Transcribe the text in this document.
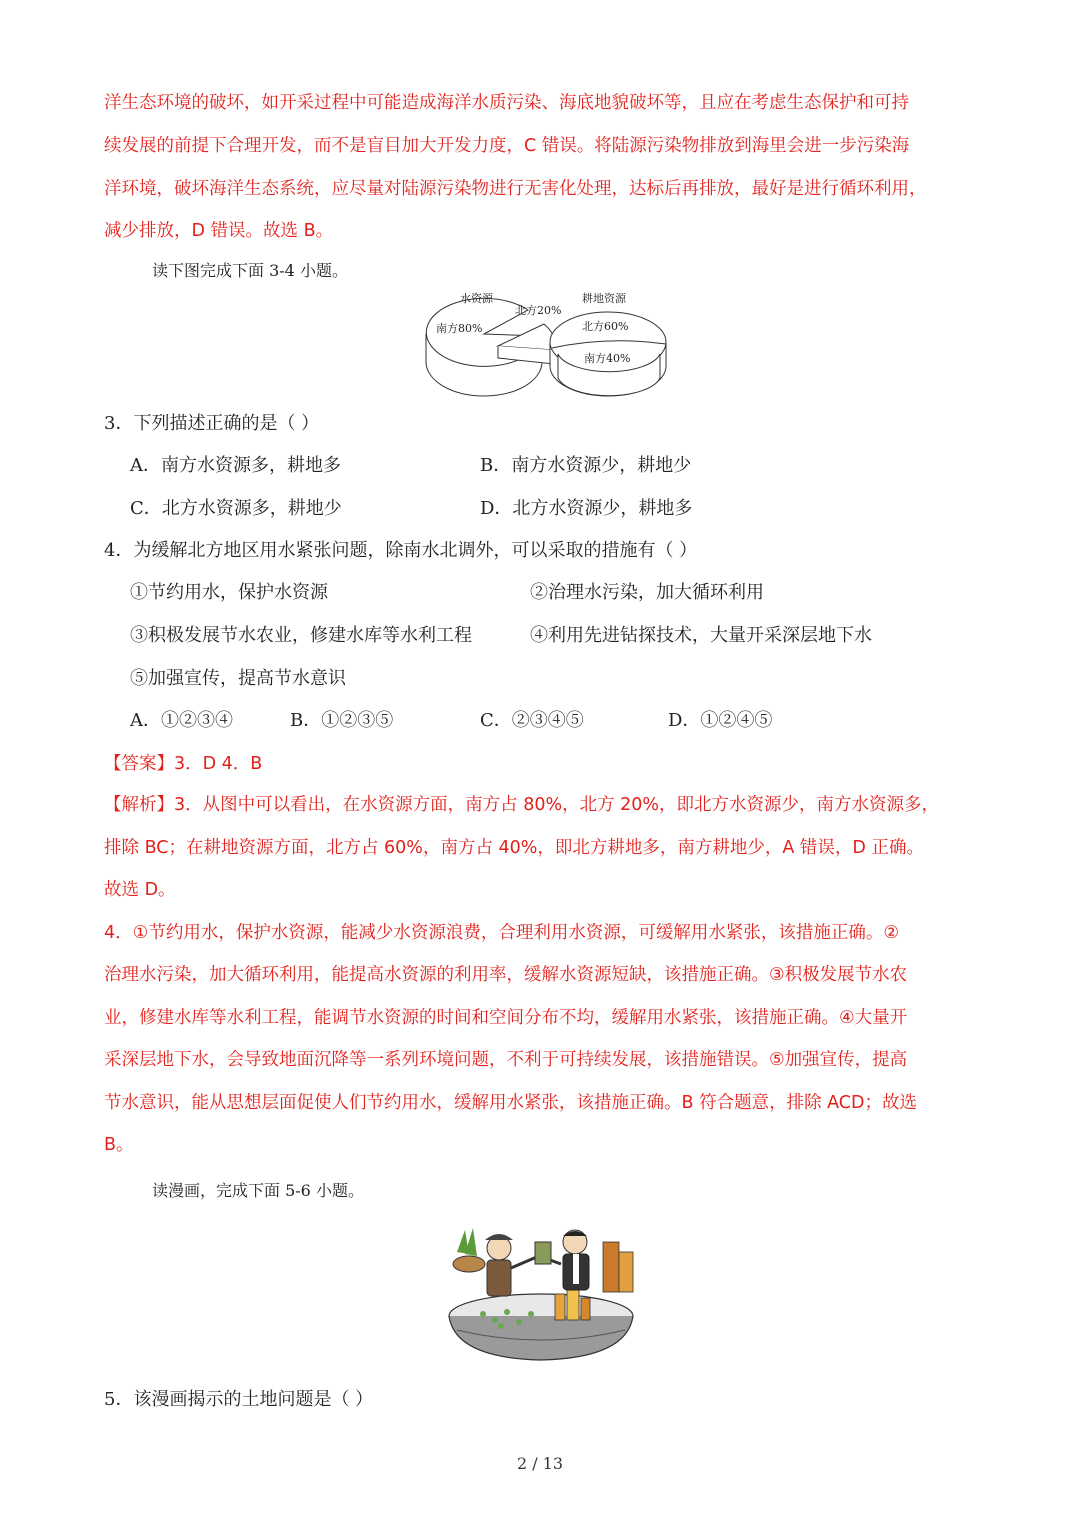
洋生态环境的破坏，如开采过程中可能造成海洋水质污染、海底地貌破坏等，且应在考虑生态保护和可持
续发展的前提下合理开发，而不是盲目加大开发力度，C 错误。将陆源污染物排放到海里会进一步污染海
洋环境，破坏海洋生态系统，应尽量对陆源污染物进行无害化处理，达标后再排放，最好是进行循环利用，
减少排放，D 错误。故选 B。
读下图完成下面 3-4 小题。
水资源
南方80%
北方20%
耕地资源
北方60%
南方40%
3．下列描述正确的是（ ）
A．南方水资源多，耕地多	B．南方水资源少，耕地少
C．北方水资源多，耕地少	D．北方水资源少，耕地多
4．为缓解北方地区用水紧张问题，除南水北调外，可以采取的措施有（ ）
①节约用水，保护水资源	②治理水污染，加大循环利用
③积极发展节水农业，修建水库等水利工程	④利用先进钻探技术，大量开采深层地下水
⑤加强宣传，提高节水意识
A．①②③④	B．①②③⑤	C．②③④⑤	D．①②④⑤
【答案】3．D 4．B
【解析】3．从图中可以看出，在水资源方面，南方占 80%，北方 20%，即北方水资源少，南方水资源多，
排除 BC；在耕地资源方面，北方占 60%，南方占 40%，即北方耕地多，南方耕地少，A 错误，D 正确。
故选 D。
4．①节约用水，保护水资源，能减少水资源浪费，合理利用水资源，可缓解用水紧张，该措施正确。②
治理水污染，加大循环利用，能提高水资源的利用率，缓解水资源短缺，该措施正确。③积极发展节水农
业，修建水库等水利工程，能调节水资源的时间和空间分布不均，缓解用水紧张，该措施正确。④大量开
采深层地下水，会导致地面沉降等一系列环境问题，不利于可持续发展，该措施错误。⑤加强宣传，提高
节水意识，能从思想层面促使人们节约用水，缓解用水紧张，该措施正确。B 符合题意，排除 ACD；故选
B。
读漫画，完成下面 5-6 小题。
5．该漫画揭示的土地问题是（ ）
2 / 13
